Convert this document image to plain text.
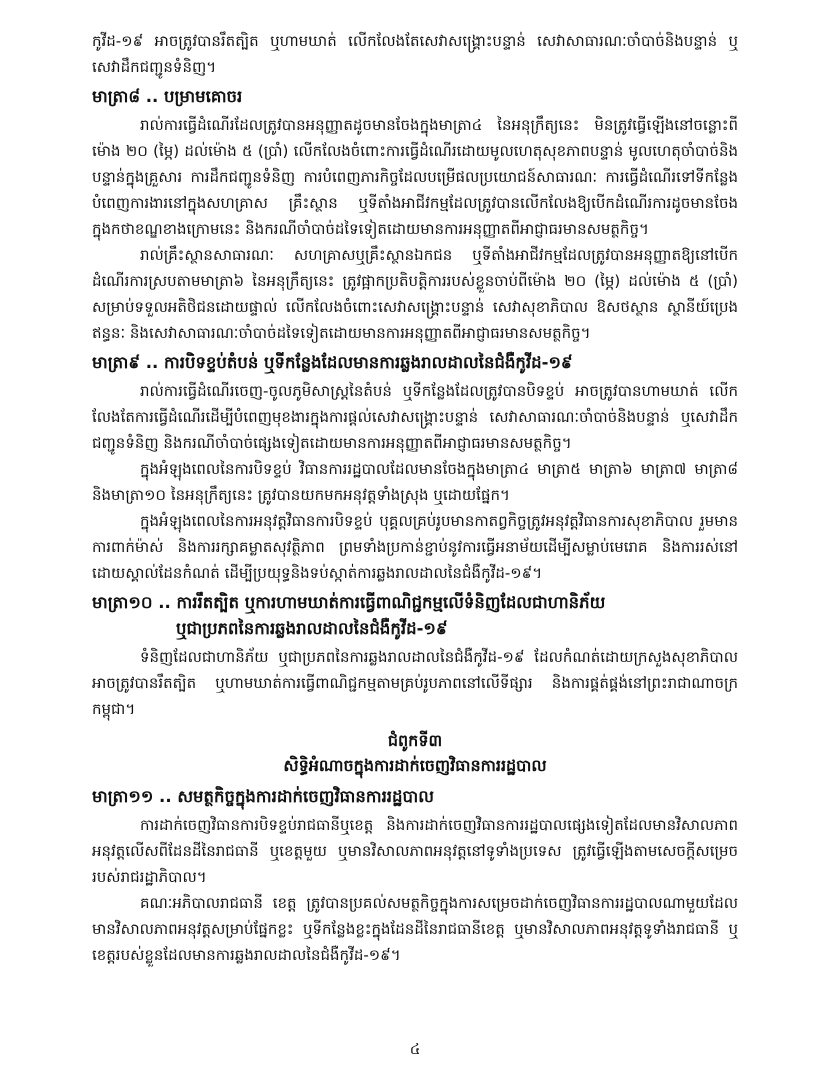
កូវីដ-១៩ អាចត្រូវបានរឹតត្បិត ឬហាមឃាត់ លើកលែងតែសេវាសង្គ្រោះបន្ទាន់ សេវាសាធារណៈចាំបាច់និងបន្ទាន់ ឬសេវាដឹកជញ្ជូនទំនិញ។

មាត្រា៨ .. បម្រាមគោចរ

រាល់ការធ្វើដំណើរដែលត្រូវបានអនុញ្ញាតដូចមានចែងក្នុងមាត្រា៤ នៃអនុក្រឹត្យនេះ មិនត្រូវធ្វើឡើងនៅចន្លោះពីម៉ោង ២០ (ម្ភៃ) ដល់ម៉ោង ៥ (ប្រាំ) លើកលែងចំពោះការធ្វើដំណើរដោយមូលហេតុសុខភាពបន្ទាន់ មូលហេតុចាំបាច់និងបន្ទាន់ក្នុងគ្រួសារ ការដឹកជញ្ជូនទំនិញ ការបំពេញភារកិច្ចដែលបម្រើផលប្រយោជន៍សាធារណៈ ការធ្វើដំណើរទៅទីកន្លែងបំពេញការងារនៅក្នុងសហគ្រាស គ្រឹះស្ថាន ឬទីតាំងអាជីវកម្មដែលត្រូវបានលើកលែងឱ្យបើកដំណើរការដូចមានចែងក្នុងកថាខណ្ឌខាងក្រោមនេះ និងករណីចាំបាច់ដទៃទៀតដោយមានការអនុញ្ញាតពីអាជ្ញាធរមានសមត្ថកិច្ច។

រាល់គ្រឹះស្ថានសាធារណៈ សហគ្រាសឬគ្រឹះស្ថានឯកជន ឬទីតាំងអាជីវកម្មដែលត្រូវបានអនុញ្ញាតឱ្យនៅបើកដំណើរការស្របតាមមាត្រា៦ នៃអនុក្រឹត្យនេះ ត្រូវផ្អាកប្រតិបត្តិការរបស់ខ្លួនចាប់ពីម៉ោង ២០ (ម្ភៃ) ដល់ម៉ោង ៥ (ប្រាំ) សម្រាប់ទទួលអតិថិជនដោយផ្ទាល់ លើកលែងចំពោះសេវាសង្គ្រោះបន្ទាន់ សេវាសុខាភិបាល ឱសថស្ថាន ស្ថានីយ៍ប្រេងឥន្ធនៈ និងសេវាសាធារណៈចាំបាច់ដទៃទៀតដោយមានការអនុញ្ញាតពីអាជ្ញាធរមានសមត្ថកិច្ច។

មាត្រា៩ .. ការបិទខ្ទប់តំបន់ ឬទីកន្លែងដែលមានការឆ្លងរាលដាលនៃជំងឺកូវីដ-១៩

រាល់ការធ្វើដំណើរចេញ-ចូលភូមិសាស្ត្រនៃតំបន់ ឬទីកន្លែងដែលត្រូវបានបិទខ្ទប់ អាចត្រូវបានហាមឃាត់ លើកលែងតែការធ្វើដំណើរដើម្បីបំពេញមុខងារក្នុងការផ្តល់សេវាសង្គ្រោះបន្ទាន់ សេវាសាធារណៈចាំបាច់និងបន្ទាន់ ឬសេវាដឹកជញ្ជូនទំនិញ និងករណីចាំបាច់ផ្សេងទៀតដោយមានការអនុញ្ញាតពីអាជ្ញាធរមានសមត្ថកិច្ច។

ក្នុងអំឡុងពេលនៃការបិទខ្ទប់ វិធានការរដ្ឋបាលដែលមានចែងក្នុងមាត្រា៤ មាត្រា៥ មាត្រា៦ មាត្រា៧ មាត្រា៨ និងមាត្រា១០ នៃអនុក្រឹត្យនេះ ត្រូវបានយកមកអនុវត្តទាំងស្រុង ឬដោយផ្នែក។

ក្នុងអំឡុងពេលនៃការអនុវត្តវិធានការបិទខ្ទប់ បុគ្គលគ្រប់រូបមានកាតព្វកិច្ចត្រូវអនុវត្តវិធានការសុខាភិបាល រួមមានការពាក់ម៉ាស់ និងការរក្សាគម្លាតសុវត្ថិភាព ព្រមទាំងប្រកាន់ខ្ជាប់នូវការធ្វើអនាម័យដើម្បីសម្លាប់មេរោគ និងការរស់នៅដោយស្គាល់ដែនកំណត់ ដើម្បីប្រយុទ្ធនិងទប់ស្កាត់ការឆ្លងរាលដាលនៃជំងឺកូវីដ-១៩។

មាត្រា១០ .. ការរឹតត្បិត ឬការហាមឃាត់ការធ្វើពាណិជ្ជកម្មលើទំនិញដែលជាហានិភ័យ
ឬជាប្រភពនៃការឆ្លងរាលដាលនៃជំងឺកូវីដ-១៩

ទំនិញដែលជាហានិភ័យ ឬជាប្រភពនៃការឆ្លងរាលដាលនៃជំងឺកូវីដ-១៩ ដែលកំណត់ដោយក្រសួងសុខាភិបាល អាចត្រូវបានរឹតត្បិត ឬហាមឃាត់ការធ្វើពាណិជ្ជកម្មតាមគ្រប់រូបភាពនៅលើទីផ្សារ និងការផ្គត់ផ្គង់នៅព្រះរាជាណាចក្រកម្ពុជា។

ជំពូកទី៣
សិទ្ធិអំណាចក្នុងការដាក់ចេញវិធានការរដ្ឋបាល
មាត្រា១១ .. សមត្ថកិច្ចក្នុងការដាក់ចេញវិធានការរដ្ឋបាល

ការដាក់ចេញវិធានការបិទខ្ទប់រាជធានីឬខេត្ត និងការដាក់ចេញវិធានការរដ្ឋបាលផ្សេងទៀតដែលមានវិសាលភាពអនុវត្តលើសពីដែនដីនៃរាជធានី ឬខេត្តមួយ ឬមានវិសាលភាពអនុវត្តនៅទូទាំងប្រទេស ត្រូវធ្វើឡើងតាមសេចក្តីសម្រេចរបស់រាជរដ្ឋាភិបាល។

គណៈអភិបាលរាជធានី ខេត្ត ត្រូវបានប្រគល់សមត្ថកិច្ចក្នុងការសម្រេចដាក់ចេញវិធានការរដ្ឋបាលណាមួយដែលមានវិសាលភាពអនុវត្តសម្រាប់ផ្នែកខ្លះ ឬទីកន្លែងខ្លះក្នុងដែនដីនៃរាជធានីខេត្ត ឬមានវិសាលភាពអនុវត្តទូទាំងរាជធានី ឬខេត្តរបស់ខ្លួនដែលមានការឆ្លងរាលដាលនៃជំងឺកូវីដ-១៩។

៤
